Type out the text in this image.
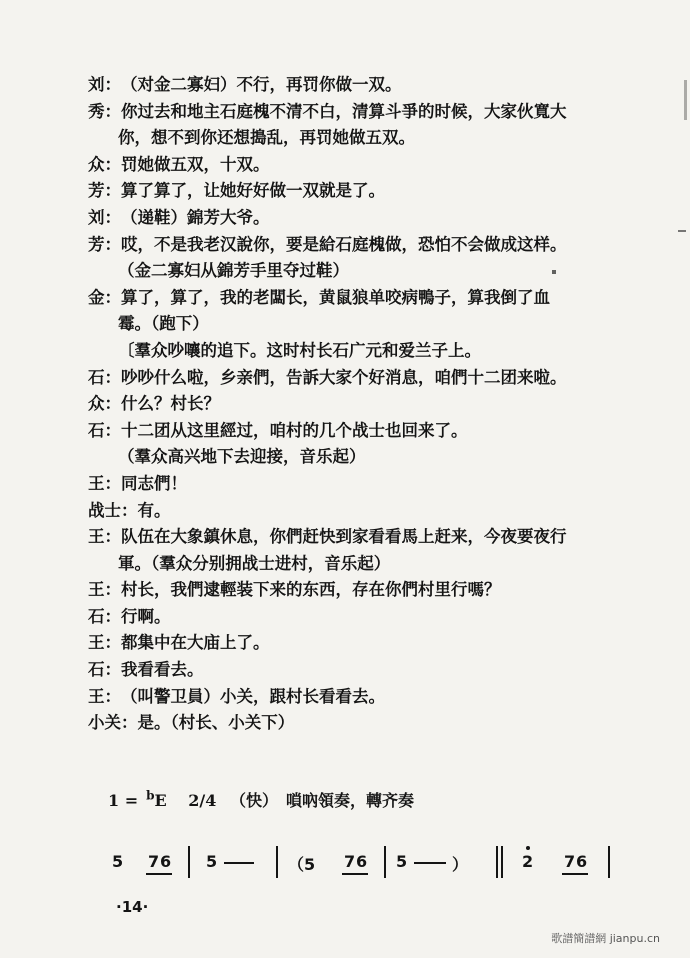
刘： （对金二寡妇）不行，再罚你做一双。
秀： 你过去和地主石庭槐不清不白，清算斗爭的时候，大家伙寬大
你，想不到你还想搗乱，再罚她做五双。
众： 罚她做五双，十双。
芳： 算了算了，让她好好做一双就是了。
刘： （递鞋）錦芳大爷。
芳： 哎，不是我老汉說你，要是給石庭槐做，恐怕不会做成这样。
（金二寡妇从錦芳手里夺过鞋）
金： 算了，算了，我的老闆长，黄鼠狼单咬病鴨子，算我倒了血
霉。（跑下）
〔羣众吵嚷的追下。这时村长石广元和爱兰子上。
石： 吵吵什么啦，乡亲們，告訴大家个好消息，咱們十二团来啦。
众： 什么？村长？
石： 十二团从这里經过，咱村的几个战士也回来了。
（羣众高兴地下去迎接，音乐起）
王： 同志們！
战士： 有。
王： 队伍在大象鎮休息，你們赶快到家看看馬上赶来，今夜要夜行
軍。（羣众分别拥战士进村，音乐起）
王： 村长，我們逮輕装下来的东西，存在你們村里行嗎？
石： 行啊。
王： 都集中在大庙上了。
石： 我看看去。
王： （叫警卫員）小关，跟村长看看去。
小关： 是。（村长、小关下）
1 = $^b$E 2/4 （快） 嗩吶領奏，轉齐奏
5 7 6 5	（5 7 6 5	）	2 7 6
·14·
歌譜簡譜網 jianpu.cn
